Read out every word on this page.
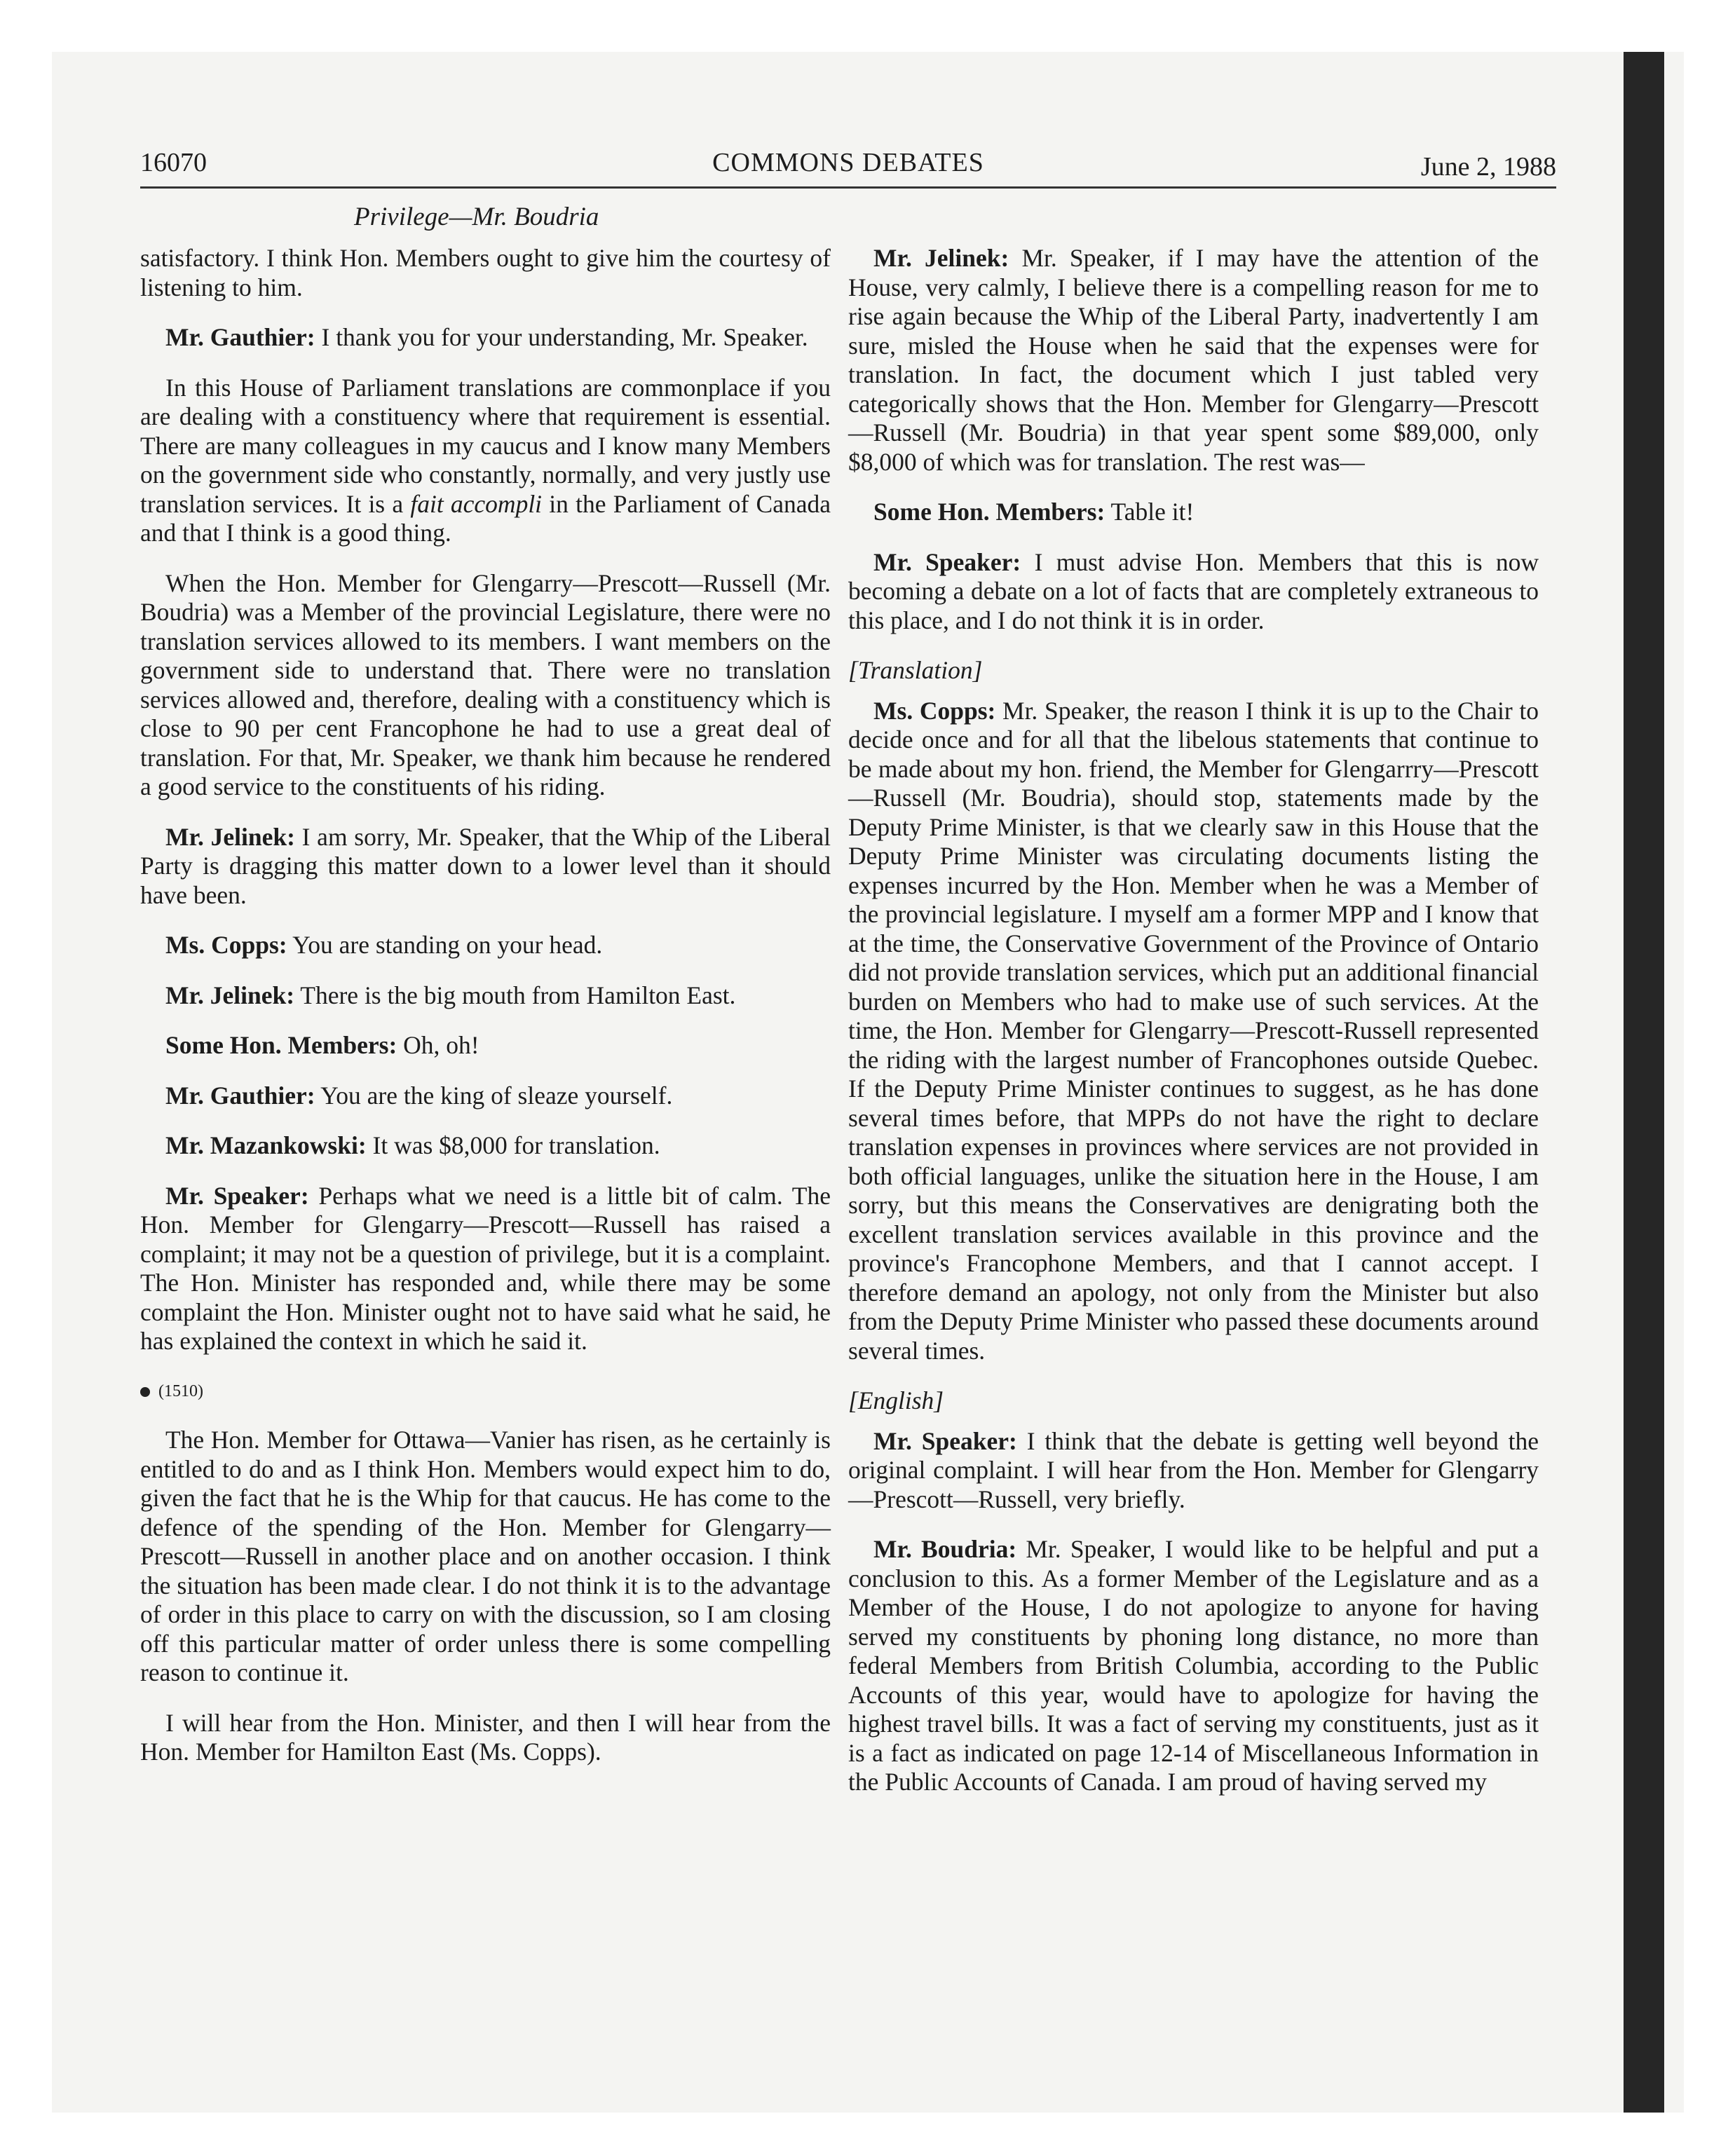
16070	COMMONS DEBATES	June 2, 1988
Privilege—Mr. Boudria

satisfactory. I think Hon. Members ought to give him the courtesy of listening to him.

Mr. Gauthier: I thank you for your understanding, Mr. Speaker.

In this House of Parliament translations are commonplace if you are dealing with a constituency where that requirement is essential. There are many colleagues in my caucus and I know many Members on the government side who constantly, normally, and very justly use translation services. It is a fait accompli in the Parliament of Canada and that I think is a good thing.

When the Hon. Member for Glengarry—Prescott—Russell (Mr. Boudria) was a Member of the provincial Legislature, there were no translation services allowed to its members. I want members on the government side to understand that. There were no translation services allowed and, therefore, dealing with a constituency which is close to 90 per cent Francophone he had to use a great deal of translation. For that, Mr. Speaker, we thank him because he rendered a good service to the constituents of his riding.

Mr. Jelinek: I am sorry, Mr. Speaker, that the Whip of the Liberal Party is dragging this matter down to a lower level than it should have been.

Ms. Copps: You are standing on your head.

Mr. Jelinek: There is the big mouth from Hamilton East.

Some Hon. Members: Oh, oh!

Mr. Gauthier: You are the king of sleaze yourself.

Mr. Mazankowski: It was $8,000 for translation.

Mr. Speaker: Perhaps what we need is a little bit of calm. The Hon. Member for Glengarry—Prescott—Russell has raised a complaint; it may not be a question of privilege, but it is a complaint. The Hon. Minister has responded and, while there may be some complaint the Hon. Minister ought not to have said what he said, he has explained the context in which he said it.

(1510)

The Hon. Member for Ottawa—Vanier has risen, as he certainly is entitled to do and as I think Hon. Members would expect him to do, given the fact that he is the Whip for that caucus. He has come to the defence of the spending of the Hon. Member for Glengarry—Prescott—Russell in another place and on another occasion. I think the situation has been made clear. I do not think it is to the advantage of order in this place to carry on with the discussion, so I am closing off this particular matter of order unless there is some compelling reason to continue it.

I will hear from the Hon. Minister, and then I will hear from the Hon. Member for Hamilton East (Ms. Copps).

Mr. Jelinek: Mr. Speaker, if I may have the attention of the House, very calmly, I believe there is a compelling reason for me to rise again because the Whip of the Liberal Party, inadvertently I am sure, misled the House when he said that the expenses were for translation. In fact, the document which I just tabled very categorically shows that the Hon. Member for Glengarry—Prescott—Russell (Mr. Boudria) in that year spent some $89,000, only $8,000 of which was for translation. The rest was—

Some Hon. Members: Table it!

Mr. Speaker: I must advise Hon. Members that this is now becoming a debate on a lot of facts that are completely extraneous to this place, and I do not think it is in order.

[Translation]

Ms. Copps: Mr. Speaker, the reason I think it is up to the Chair to decide once and for all that the libelous statements that continue to be made about my hon. friend, the Member for Glengarrry—Prescott—Russell (Mr. Boudria), should stop, statements made by the Deputy Prime Minister, is that we clearly saw in this House that the Deputy Prime Minister was circulating documents listing the expenses incurred by the Hon. Member when he was a Member of the provincial legislature. I myself am a former MPP and I know that at the time, the Conservative Government of the Province of Ontario did not provide translation services, which put an additional financial burden on Members who had to make use of such services. At the time, the Hon. Member for Glengarry—Prescott-Russell represented the riding with the largest number of Francophones outside Quebec. If the Deputy Prime Minister continues to suggest, as he has done several times before, that MPPs do not have the right to declare translation expenses in provinces where services are not provided in both official languages, unlike the situation here in the House, I am sorry, but this means the Conservatives are denigrating both the excellent translation services available in this province and the province's Francophone Members, and that I cannot accept. I therefore demand an apology, not only from the Minister but also from the Deputy Prime Minister who passed these documents around several times.

[English]

Mr. Speaker: I think that the debate is getting well beyond the original complaint. I will hear from the Hon. Member for Glengarry—Prescott—Russell, very briefly.

Mr. Boudria: Mr. Speaker, I would like to be helpful and put a conclusion to this. As a former Member of the Legislature and as a Member of the House, I do not apologize to anyone for having served my constituents by phoning long distance, no more than federal Members from British Columbia, according to the Public Accounts of this year, would have to apologize for having the highest travel bills. It was a fact of serving my constituents, just as it is a fact as indicated on page 12-14 of Miscellaneous Information in the Public Accounts of Canada. I am proud of having served my
